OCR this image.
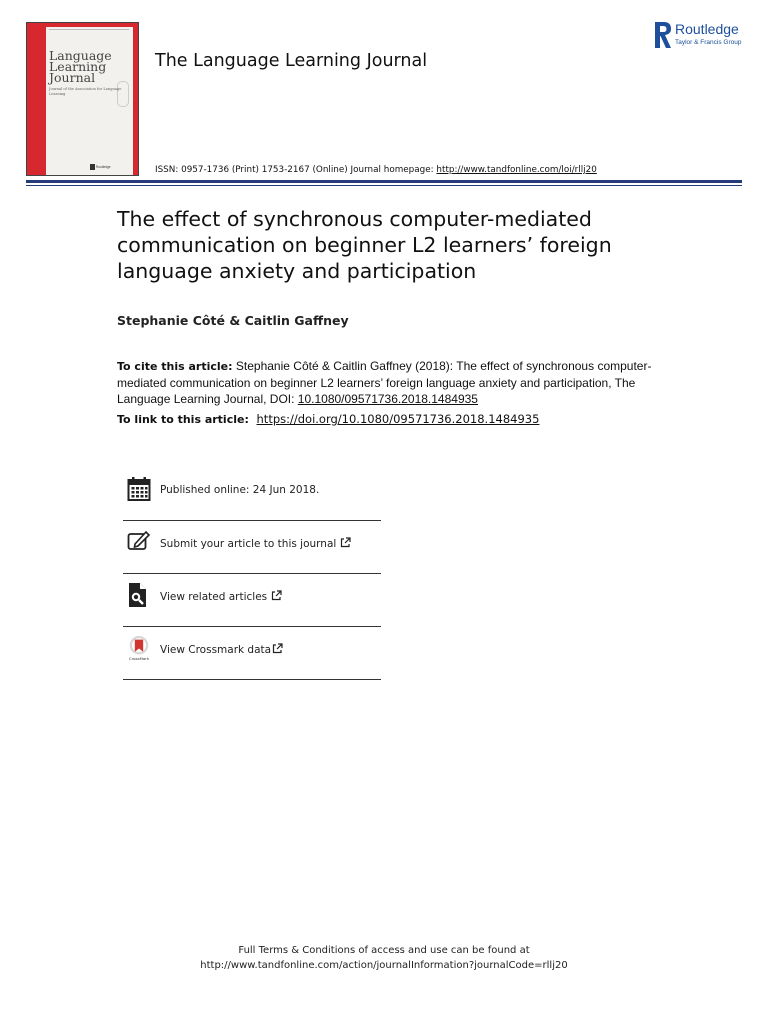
Language Learning Journal
Journal of the Association for Language Learning
Routledge
The Language Learning Journal
ISSN: 0957-1736 (Print) 1753-2167 (Online) Journal homepage: http://www.tandfonline.com/loi/rllj20
Routledge
Taylor & Francis Group
The effect of synchronous computer-mediated communication on beginner L2 learners’ foreign language anxiety and participation
Stephanie Côté & Caitlin Gaffney
To cite this article: Stephanie Côté & Caitlin Gaffney (2018): The effect of synchronous computer-mediated communication on beginner L2 learners’ foreign language anxiety and participation, The Language Learning Journal, DOI: 10.1080/09571736.2018.1484935
To link to this article: https://doi.org/10.1080/09571736.2018.1484935
Published online: 24 Jun 2018.
Submit your article to this journal
View related articles
CrossMark
View Crossmark data
Full Terms & Conditions of access and use can be found at
http://www.tandfonline.com/action/journalInformation?journalCode=rllj20
